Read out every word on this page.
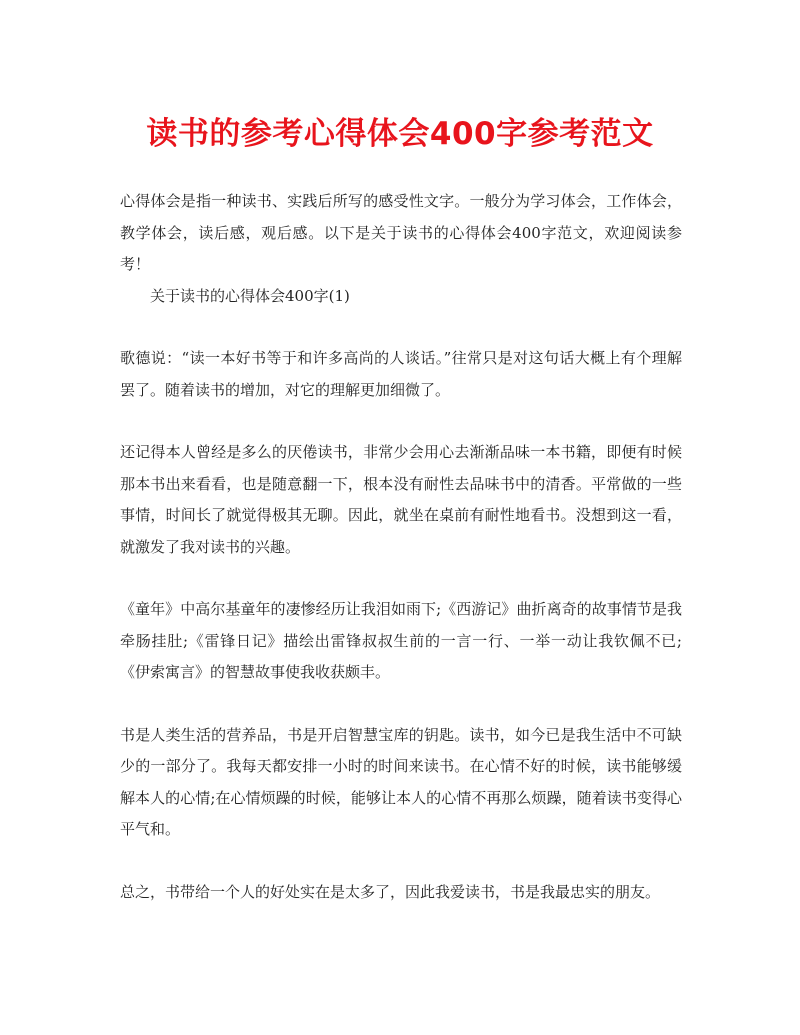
读书的参考心得体会400字参考范文

心得体会是指一种读书、实践后所写的感受性文字。一般分为学习体会，工作体会，教学体会，读后感，观后感。以下是关于读书的心得体会400字范文，欢迎阅读参考！

关于读书的心得体会400字(1)

歌德说：“读一本好书等于和许多高尚的人谈话。”往常只是对这句话大概上有个理解罢了。随着读书的增加，对它的理解更加细微了。

还记得本人曾经是多么的厌倦读书，非常少会用心去渐渐品味一本书籍，即便有时候那本书出来看看，也是随意翻一下，根本没有耐性去品味书中的清香。平常做的一些事情，时间长了就觉得极其无聊。因此，就坐在桌前有耐性地看书。没想到这一看，就激发了我对读书的兴趣。

《童年》中高尔基童年的凄惨经历让我泪如雨下;《西游记》曲折离奇的故事情节是我牵肠挂肚;《雷锋日记》描绘出雷锋叔叔生前的一言一行、一举一动让我钦佩不已;《伊索寓言》的智慧故事使我收获颇丰。

书是人类生活的营养品，书是开启智慧宝库的钥匙。读书，如今已是我生活中不可缺少的一部分了。我每天都安排一小时的时间来读书。在心情不好的时候，读书能够缓解本人的心情;在心情烦躁的时候，能够让本人的心情不再那么烦躁，随着读书变得心平气和。

总之，书带给一个人的好处实在是太多了，因此我爱读书，书是我最忠实的朋友。
